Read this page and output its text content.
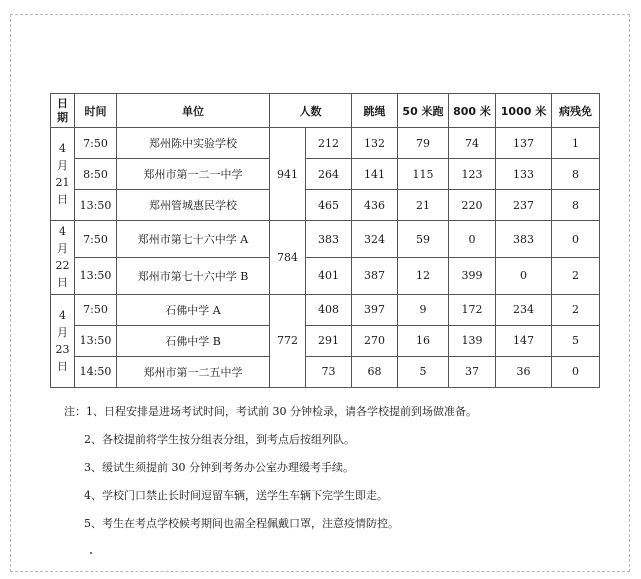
日
期	时间	单位	人数		跳绳	50 米跑	800 米	1000 米	病残免

4
月
21
日	7:50	郑州陈中实验学校	941	212	132	79	74	137	1
	8:50	郑州市第一二一中学		264	141	115	123	133	8
	13:50	郑州管城惠民学校		465	436	21	220	237	8

4
月
22
日	7:50	郑州市第七十六中学 A	784	383	324	59	0	383	0
	13:50	郑州市第七十六中学 B		401	387	12	399	0	2

4
月
23
日	7:50	石佛中学 A	772	408	397	9	172	234	2
	13:50	石佛中学 B		291	270	16	139	147	5
	14:50	郑州市第一二五中学		73	68	5	37	36	0
注：1、日程安排是进场考试时间，考试前 30 分钟检录，请各学校提前到场做准备。
2、各校提前将学生按分组表分组，到考点后按组列队。
3、缓试生须提前 30 分钟到考务办公室办理缓考手续。
4、学校门口禁止长时间逗留车辆，送学生车辆下完学生即走。
5、考生在考点学校候考期间也需全程佩戴口罩，注意疫情防控。
